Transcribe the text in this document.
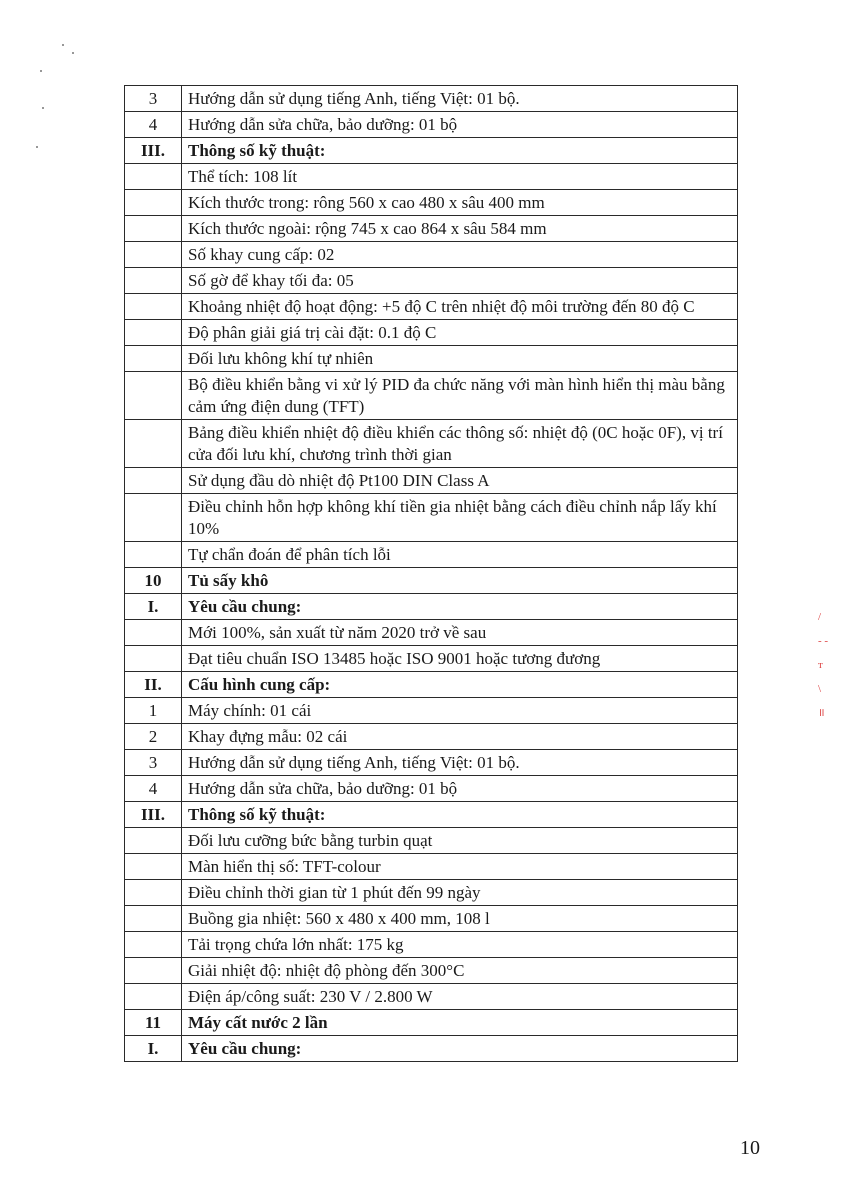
3	Hướng dẫn sử dụng tiếng Anh, tiếng Việt: 01 bộ.
4	Hướng dẫn sửa chữa, bảo dưỡng: 01 bộ
III.	Thông số kỹ thuật:
	Thể tích: 108 lít
	Kích thước trong: rông 560 x cao 480 x sâu 400 mm
	Kích thước ngoài: rộng 745 x cao 864 x sâu 584 mm
	Số khay cung cấp: 02
	Số gờ để khay tối đa: 05
	Khoảng nhiệt độ hoạt động: +5 độ C trên nhiệt độ môi trường đến 80 độ C
	Độ phân giải giá trị cài đặt: 0.1 độ C
	Đối lưu không khí tự nhiên
	Bộ điều khiển bằng vi xử lý PID đa chức năng với màn hình hiển thị màu bằng cảm ứng điện dung (TFT)
	Bảng điều khiển nhiệt độ điều khiển các thông số: nhiệt độ (0C hoặc 0F), vị trí cửa đối lưu khí, chương trình thời gian
	Sử dụng đầu dò nhiệt độ Pt100 DIN Class A
	Điều chỉnh hỗn hợp không khí tiền gia nhiệt bằng cách điều chỉnh nắp lấy khí 10%
	Tự chẩn đoán để phân tích lỗi
10	Tủ sấy khô
I.	Yêu cầu chung:
	Mới 100%, sản xuất từ năm 2020 trở về sau
	Đạt tiêu chuẩn ISO 13485 hoặc ISO 9001 hoặc tương đương
II.	Cấu hình cung cấp:
1	Máy chính: 01 cái
2	Khay đựng mẫu: 02 cái
3	Hướng dẫn sử dụng tiếng Anh, tiếng Việt: 01 bộ.
4	Hướng dẫn sửa chữa, bảo dưỡng: 01 bộ
III.	Thông số kỹ thuật:
	Đối lưu cưỡng bức bằng turbin quạt
	Màn hiển thị số: TFT-colour
	Điều chỉnh thời gian từ 1 phút đến 99 ngày
	Buồng gia nhiệt: 560 x 480 x 400 mm, 108 l
	Tải trọng chứa lớn nhất: 175 kg
	Giải nhiệt độ: nhiệt độ phòng đến 300°C
	Điện áp/công suất: 230 V / 2.800 W
11	Máy cất nước 2 lần
I.	Yêu cầu chung:
/
- -
т
\
॥
10
